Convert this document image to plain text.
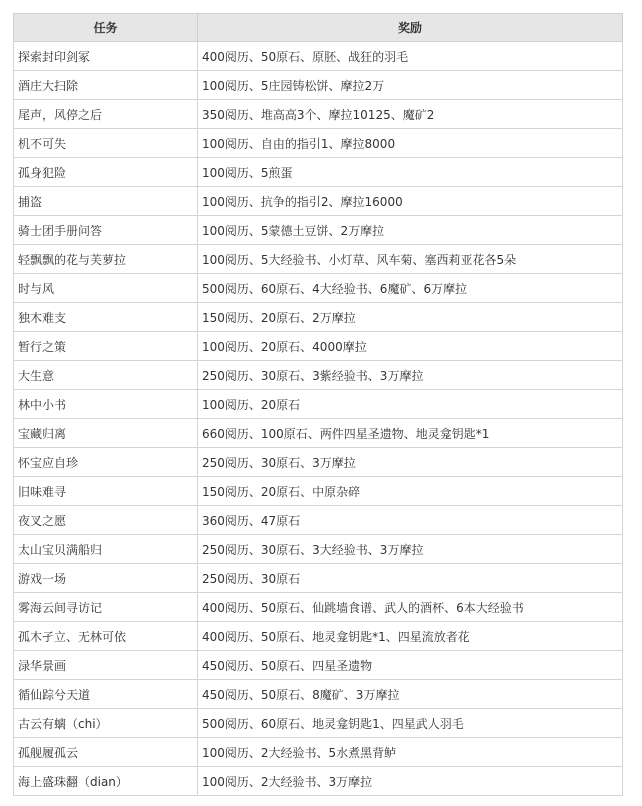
任务	奖励
探索封印剑冢	400阅历、50原石、原胚、战狂的羽毛
酒庄大扫除	100阅历、5庄园铸松饼、摩拉2万
尾声，风停之后	350阅历、堆高高3个、摩拉10125、魔矿2
机不可失	100阅历、自由的指引1、摩拉8000
孤身犯险	100阅历、5煎蛋
捕盗	100阅历、抗争的指引2、摩拉16000
骑士团手册问答	100阅历、5蒙德土豆饼、2万摩拉
轻飘飘的花与芙萝拉	100阅历、5大经验书、小灯草、风车菊、塞西莉亚花各5朵
时与风	500阅历、60原石、4大经验书、6魔矿、6万摩拉
独木难支	150阅历、20原石、2万摩拉
暂行之策	100阅历、20原石、4000摩拉
大生意	250阅历、30原石、3紫经验书、3万摩拉
林中小书	100阅历、20原石
宝藏归离	660阅历、100原石、两件四星圣遗物、地灵龛钥匙*1
怀宝应自珍	250阅历、30原石、3万摩拉
旧味难寻	150阅历、20原石、中原杂碎
夜叉之愿	360阅历、47原石
太山宝贝满船归	250阅历、30原石、3大经验书、3万摩拉
游戏一场	250阅历、30原石
雾海云间寻访记	400阅历、50原石、仙跳墙食谱、武人的酒杯、6本大经验书
孤木孑立、无林可依	400阅历、50原石、地灵龛钥匙*1、四星流放者花
渌华景画	450阅历、50原石、四星圣遗物
循仙踪兮天道	450阅历、50原石、8魔矿、3万摩拉
古云有螭（chi）	500阅历、60原石、地灵龛钥匙1、四星武人羽毛
孤舰履孤云	100阅历、2大经验书、5水煮黑背鲈
海上盛珠翻（dian）	100阅历、2大经验书、3万摩拉
